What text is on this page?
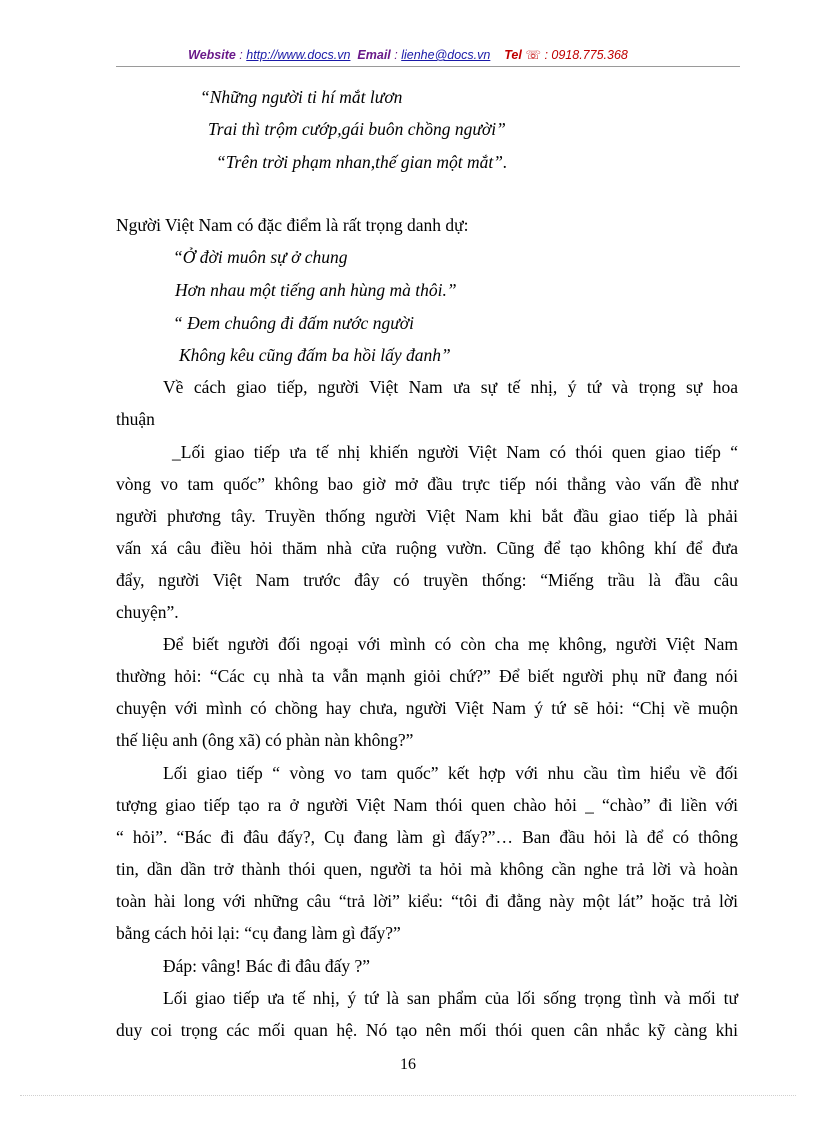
Website : http://www.docs.vn Email : lienhe@docs.vn Tel ☏ : 0918.775.368
“Những người ti hí mắt lươn
Trai thì trộm cướp,gái buôn chồng người”
“Trên trời phạm nhan,thế gian một mắt”.
Người Việt Nam có đặc điểm là rất trọng danh dự:
“Ở đời muôn sự ở chung
Hơn nhau một tiếng anh hùng mà thôi.”
“ Đem chuông đi đấm nước người
Không kêu cũng đấm ba hồi lấy đanh”
Về cách giao tiếp, người Việt Nam ưa sự tế nhị, ý tứ và trọng sự hoa
thuận
_Lối giao tiếp ưa tế nhị khiến người Việt Nam có thói quen giao tiếp “
vòng vo tam quốc” không bao giờ mở đầu trực tiếp nói thẳng vào vấn đề như
người phương tây. Truyền thống người Việt Nam khi bắt đầu giao tiếp là phải
vấn xá câu điều hỏi thăm nhà cửa ruộng vườn. Cũng để tạo không khí để đưa
đẩy, người Việt Nam trước đây có truyền thống: “Miếng trầu là đầu câu
chuyện”.
Để biết người đối ngoại với mình có còn cha mẹ không, người Việt Nam
thường hỏi: “Các cụ nhà ta vẫn mạnh giỏi chứ?” Để biết người phụ nữ đang nói
chuyện với mình có chồng hay chưa, người Việt Nam ý tứ sẽ hỏi: “Chị về muộn
thế liệu anh (ông xã) có phàn nàn không?”
Lối giao tiếp “ vòng vo tam quốc” kết hợp với nhu cầu tìm hiểu về đối
tượng giao tiếp tạo ra ở người Việt Nam thói quen chào hỏi _ “chào” đi liền với
“ hỏi”. “Bác đi đâu đấy?, Cụ đang làm gì đấy?”… Ban đầu hỏi là để có thông
tin, dần dần trở thành thói quen, người ta hỏi mà không cần nghe trả lời và hoàn
toàn hài long với những câu “trả lời” kiểu: “tôi đi đằng này một lát” hoặc trả lời
bằng cách hỏi lại: “cụ đang làm gì đấy?”
Đáp: vâng! Bác đi đâu đấy ?”
Lối giao tiếp ưa tế nhị, ý tứ là san phẩm của lối sống trọng tình và mối tư
duy coi trọng các mối quan hệ. Nó tạo nên mối thói quen cân nhắc kỹ càng khi
16
